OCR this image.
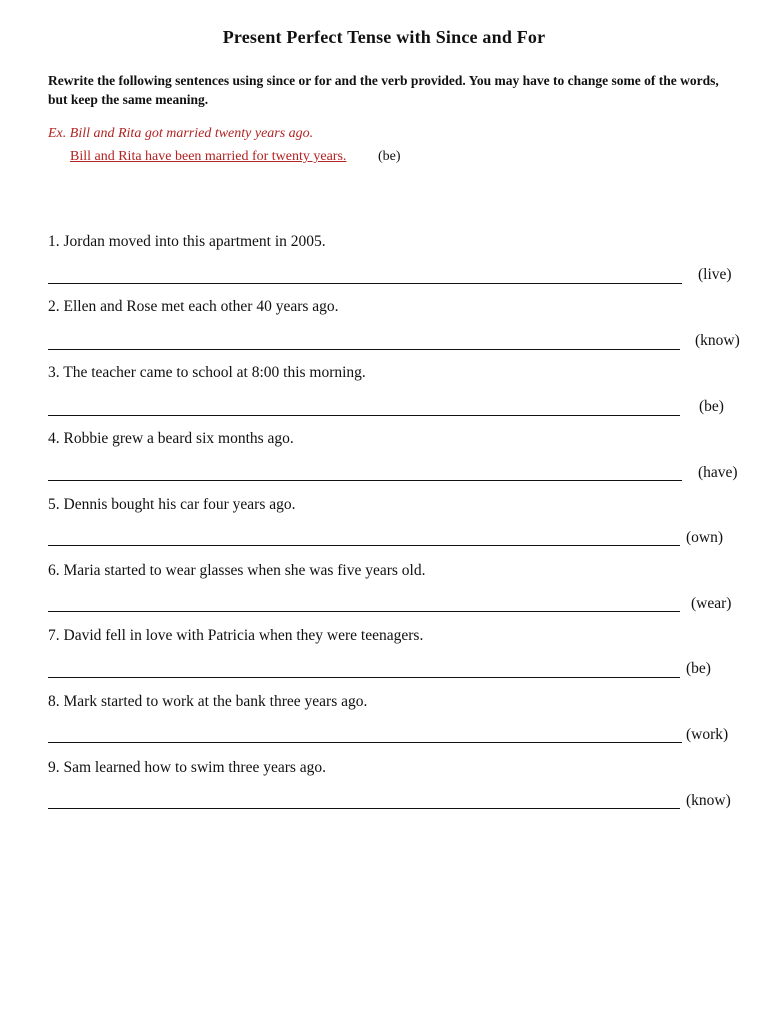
Present Perfect Tense with Since and For
Rewrite the following sentences using since or for and the verb provided. You may have to change some of the words, but keep the same meaning.
Ex. Bill and Rita got married twenty years ago.
Bill and Rita have been married for twenty years. (be)
1. Jordan moved into this apartment in 2005.
(live)
2. Ellen and Rose met each other 40 years ago.
(know)
3. The teacher came to school at 8:00 this morning.
(be)
4. Robbie grew a beard six months ago.
(have)
5. Dennis bought his car four years ago.
(own)
6. Maria started to wear glasses when she was five years old.
(wear)
7. David fell in love with Patricia when they were teenagers.
(be)
8. Mark started to work at the bank three years ago.
(work)
9. Sam learned how to swim three years ago.
(know)
